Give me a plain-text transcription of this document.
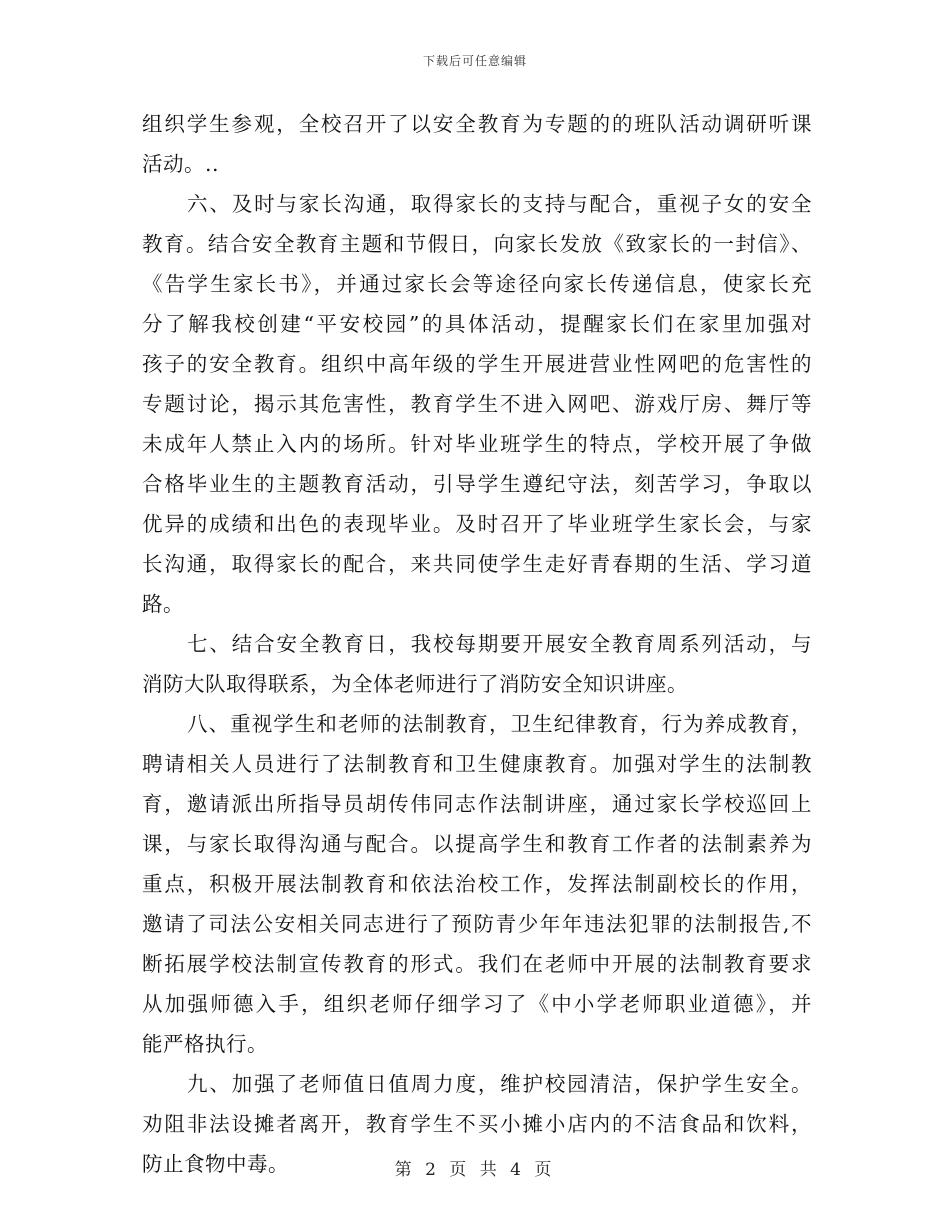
下载后可任意编辑
组织学生参观，全校召开了以安全教育为专题的的班队活动调研听课
活动。..
六、及时与家长沟通，取得家长的支持与配合，重视子女的安全
教育。结合安全教育主题和节假日，向家长发放《致家长的一封信》、
《告学生家长书》，并通过家长会等途径向家长传递信息，使家长充
分了解我校创建“平安校园”的具体活动，提醒家长们在家里加强对
孩子的安全教育。组织中高年级的学生开展进营业性网吧的危害性的
专题讨论，揭示其危害性，教育学生不进入网吧、游戏厅房、舞厅等
未成年人禁止入内的场所。针对毕业班学生的特点，学校开展了争做
合格毕业生的主题教育活动，引导学生遵纪守法，刻苦学习，争取以
优异的成绩和出色的表现毕业。及时召开了毕业班学生家长会，与家
长沟通，取得家长的配合，来共同使学生走好青春期的生活、学习道
路。
七、结合安全教育日，我校每期要开展安全教育周系列活动，与
消防大队取得联系，为全体老师进行了消防安全知识讲座。
八、重视学生和老师的法制教育，卫生纪律教育，行为养成教育，
聘请相关人员进行了法制教育和卫生健康教育。加强对学生的法制教
育，邀请派出所指导员胡传伟同志作法制讲座，通过家长学校巡回上
课，与家长取得沟通与配合。以提高学生和教育工作者的法制素养为
重点，积极开展法制教育和依法治校工作，发挥法制副校长的作用，
邀请了司法公安相关同志进行了预防青少年年违法犯罪的法制报告,不
断拓展学校法制宣传教育的形式。我们在老师中开展的法制教育要求
从加强师德入手，组织老师仔细学习了《中小学老师职业道德》，并
能严格执行。
九、加强了老师值日值周力度，维护校园清洁，保护学生安全。
劝阻非法设摊者离开，教育学生不买小摊小店内的不洁食品和饮料，
防止食物中毒。	第 2 页 共 4 页
